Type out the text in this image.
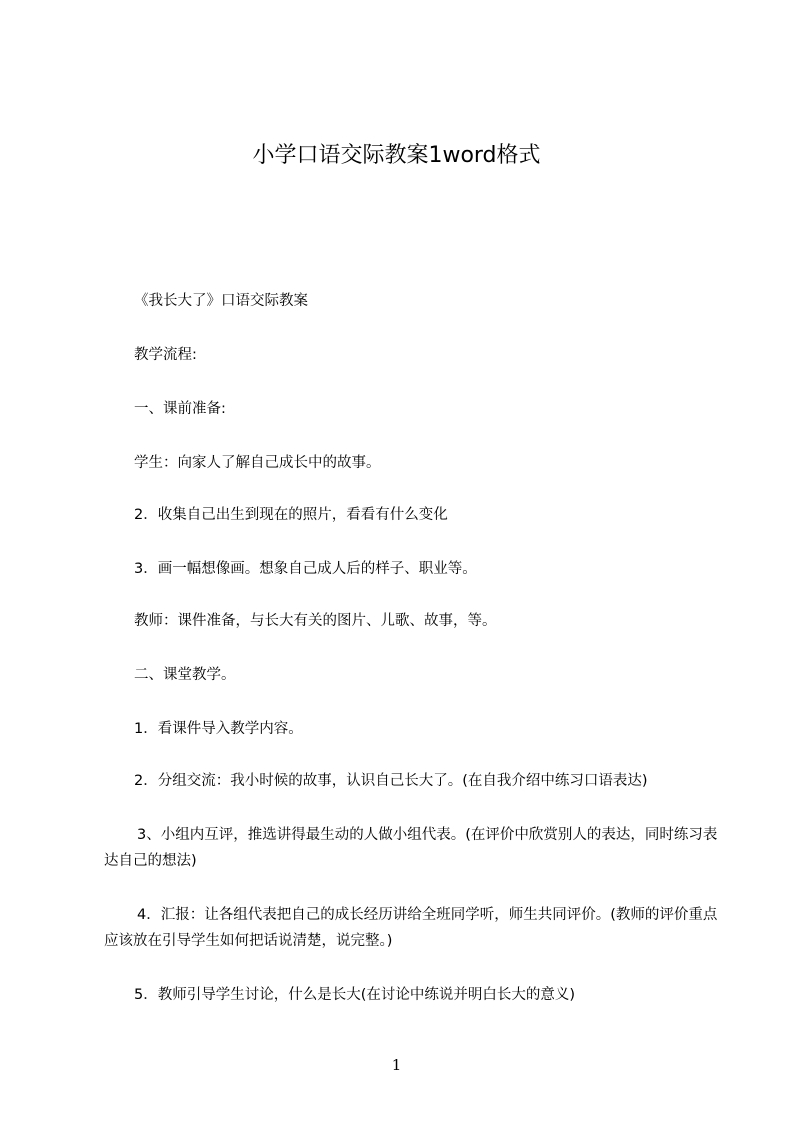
小学口语交际教案1word格式
《我长大了》口语交际教案
教学流程:
一、课前准备:
学生：向家人了解自己成长中的故事。
2．收集自己出生到现在的照片，看看有什么变化
3．画一幅想像画。想象自己成人后的样子、职业等。
教师：课件准备，与长大有关的图片、儿歌、故事，等。
二、课堂教学。
1．看课件导入教学内容。
2．分组交流：我小时候的故事，认识自己长大了。(在自我介绍中练习口语表达)
3、小组内互评，推选讲得最生动的人做小组代表。(在评价中欣赏别人的表达，同时练习表达自己的想法)
4．汇报：让各组代表把自己的成长经历讲给全班同学听，师生共同评价。(教师的评价重点应该放在引导学生如何把话说清楚，说完整。)
5．教师引导学生讨论，什么是长大(在讨论中练说并明白长大的意义)
1
